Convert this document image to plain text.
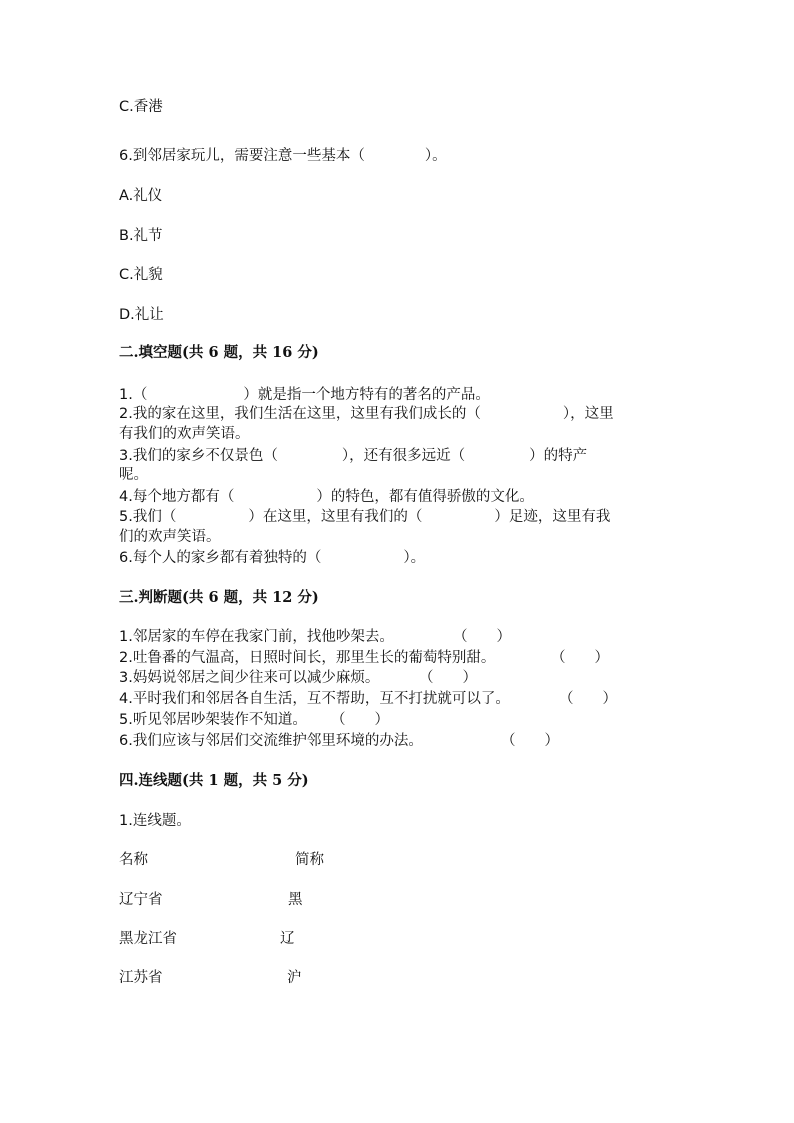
C.香港
6.到邻居家玩儿，需要注意一些基本（	）。
A.礼仪
B.礼节
C.礼貌
D.礼让
二.填空题(共 6 题，共 16 分)
1.（	）就是指一个地方特有的著名的产品。
2.我的家在这里，我们生活在这里，这里有我们成长的（	），这里
有我们的欢声笑语。
3.我们的家乡不仅景色（	），还有很多远近（	）的特产
呢。
4.每个地方都有（	）的特色，都有值得骄傲的文化。
5.我们（	）在这里，这里有我们的（	）足迹，这里有我
们的欢声笑语。
6.每个人的家乡都有着独特的（	）。
三.判断题(共 6 题，共 12 分)
1.邻居家的车停在我家门前，找他吵架去。	（　　）
2.吐鲁番的气温高，日照时间长，那里生长的葡萄特别甜。	（　　）
3.妈妈说邻居之间少往来可以减少麻烦。	（　　）
4.平时我们和邻居各自生活，互不帮助，互不打扰就可以了。	（　　）
5.听见邻居吵架装作不知道。 （　　）
6.我们应该与邻居们交流维护邻里环境的办法。	（　　）
四.连线题(共 1 题，共 5 分)
1.连线题。
名称	简称
辽宁省	黑
黑龙江省	辽
江苏省	沪
